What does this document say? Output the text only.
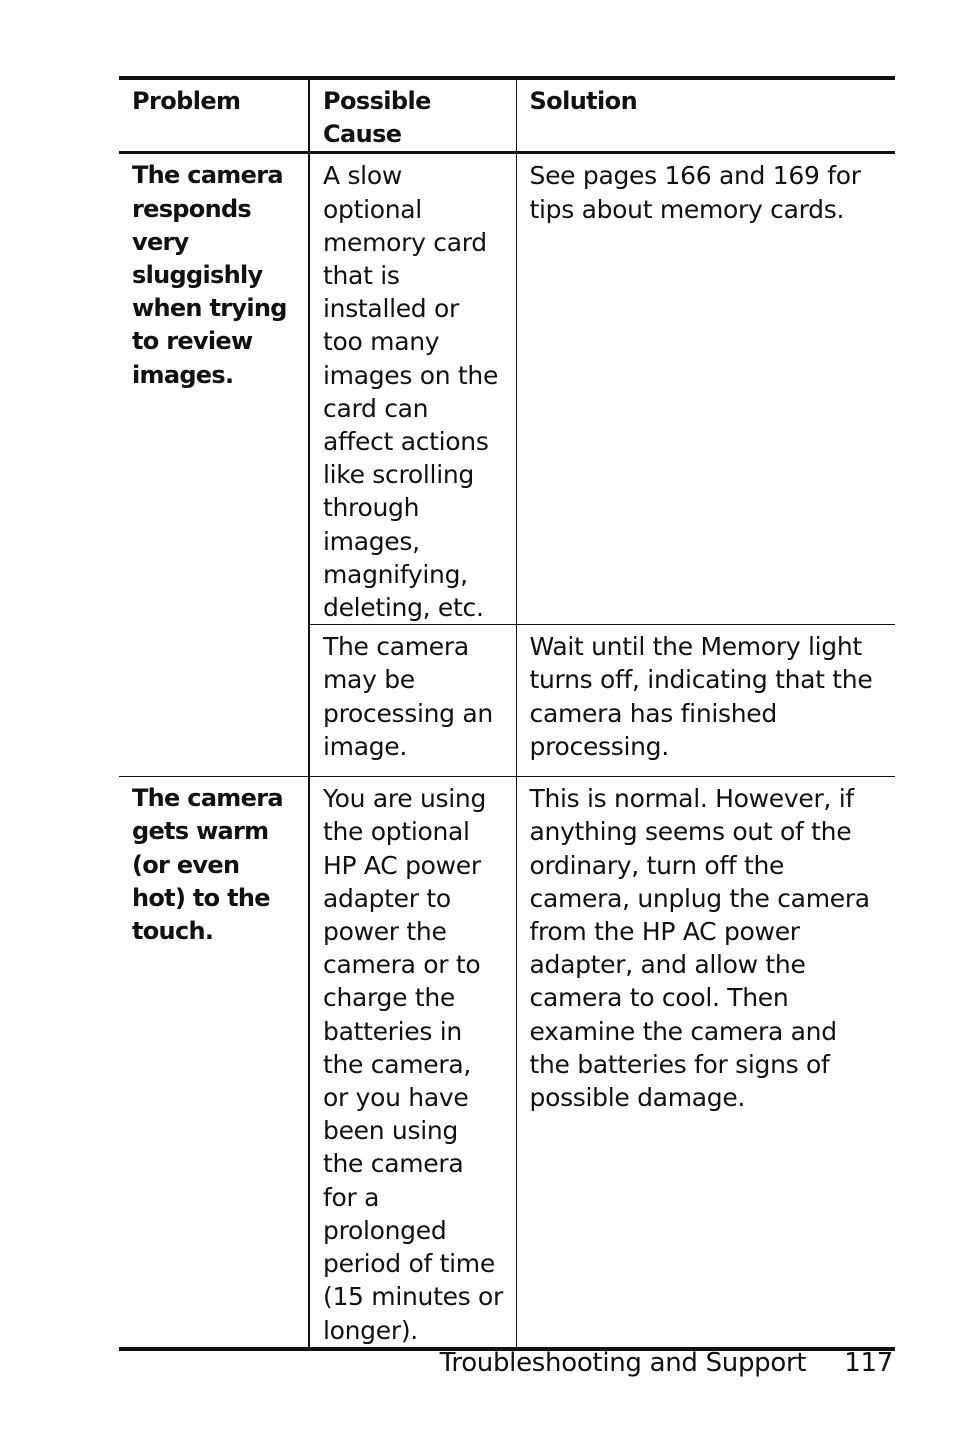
Problem	Possible Cause	Solution
The camera responds very sluggishly when trying to review images.	A slow optional memory card that is installed or too many images on the card can affect actions like scrolling through images, magnifying, deleting, etc.	See pages 166 and 169 for tips about memory cards.
	The camera may be processing an image.	Wait until the Memory light turns off, indicating that the camera has finished processing.
The camera gets warm (or even hot) to the touch.	You are using the optional HP AC power adapter to power the camera or to charge the batteries in the camera, or you have been using the camera for a prolonged period of time (15 minutes or longer).	This is normal. However, if anything seems out of the ordinary, turn off the camera, unplug the camera from the HP AC power adapter, and allow the camera to cool. Then examine the camera and the batteries for signs of possible damage.
Troubleshooting and Support 117
